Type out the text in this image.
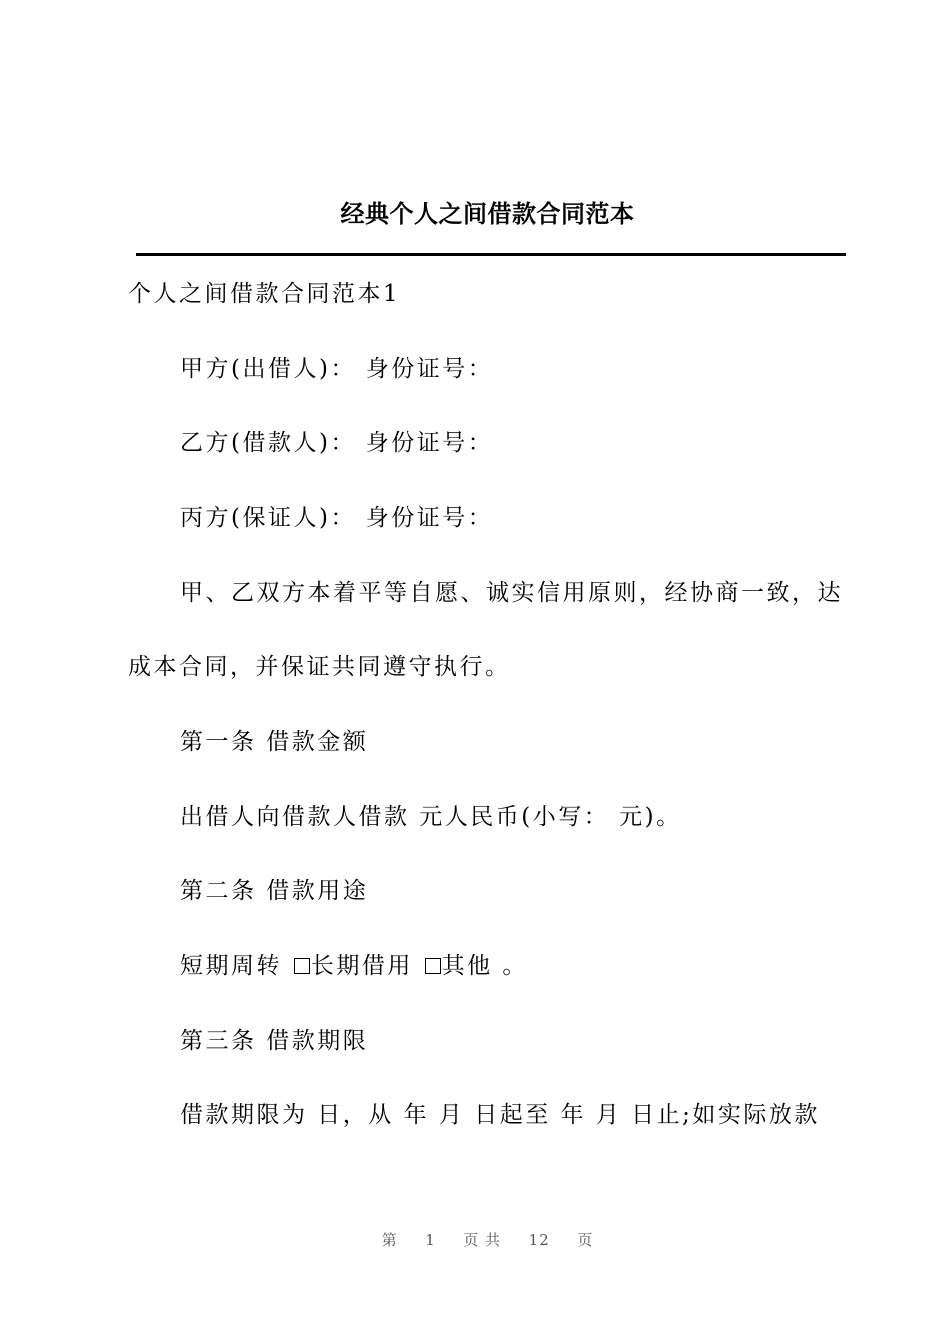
经典个人之间借款合同范本
个人之间借款合同范本1
甲方(出借人)： 身份证号：
乙方(借款人)： 身份证号：
丙方(保证人)： 身份证号：
甲、乙双方本着平等自愿、诚实信用原则，经协商一致，达
成本合同，并保证共同遵守执行。
第一条 借款金额
出借人向借款人借款 元人民币(小写： 元)。
第二条 借款用途
短期周转 长期借用 其他 。
第三条 借款期限
借款期限为 日，从 年 月 日起至 年 月 日止;如实际放款
第 1 页 共 12 页
